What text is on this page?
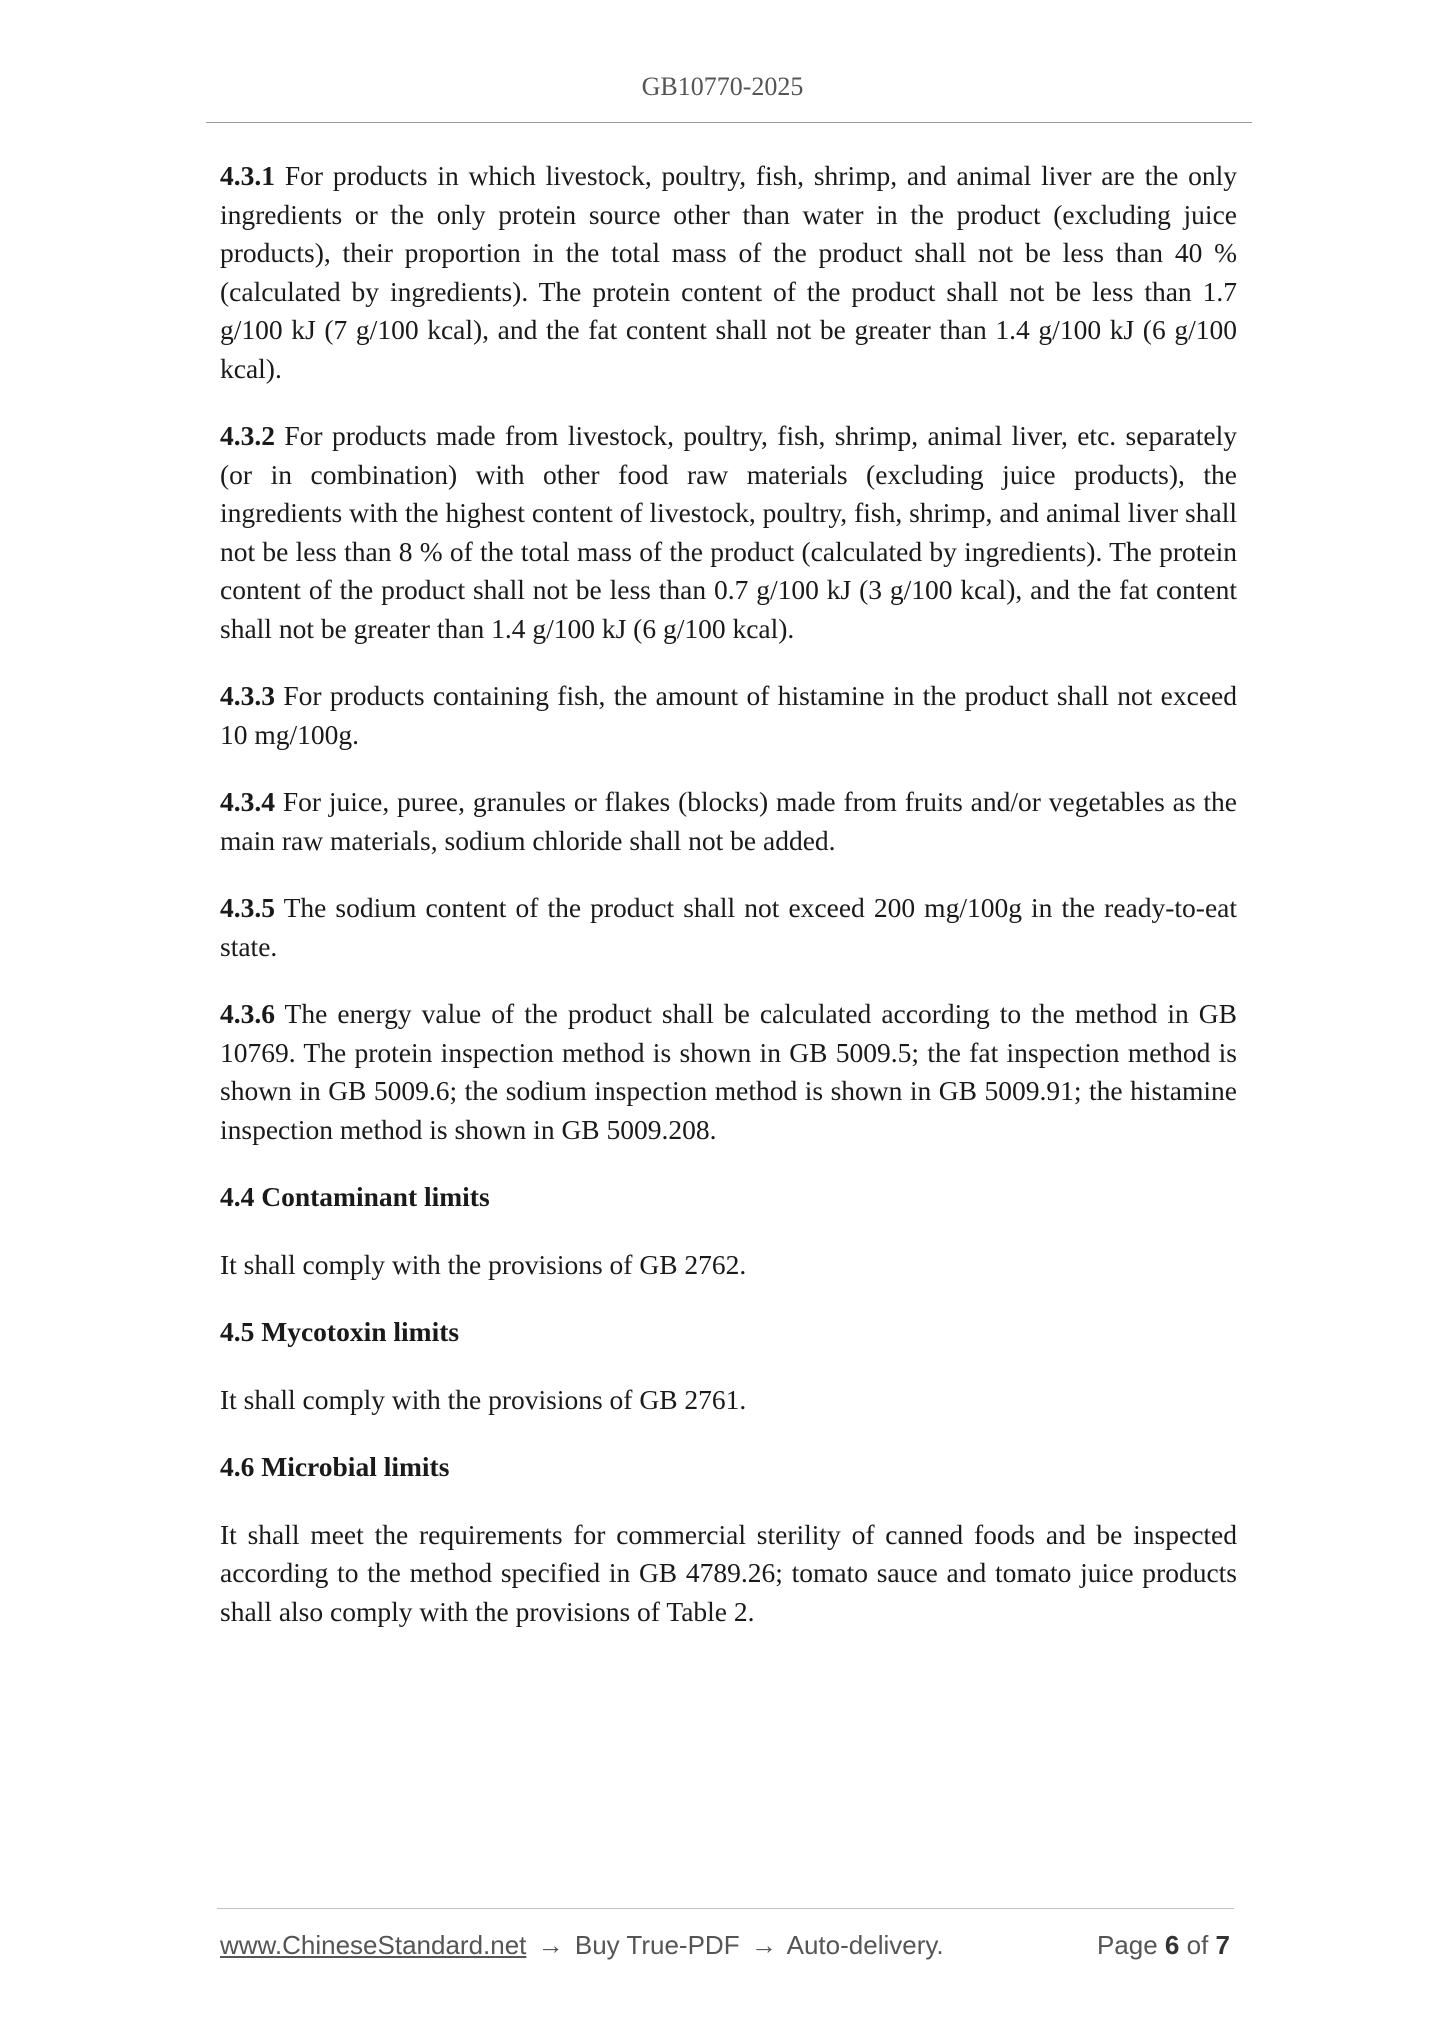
GB10770-2025

4.3.1 For products in which livestock, poultry, fish, shrimp, and animal liver are the only ingredients or the only protein source other than water in the product (excluding juice products), their proportion in the total mass of the product shall not be less than 40 % (calculated by ingredients). The protein content of the product shall not be less than 1.7 g/100 kJ (7 g/100 kcal), and the fat content shall not be greater than 1.4 g/100 kJ (6 g/100 kcal).

4.3.2 For products made from livestock, poultry, fish, shrimp, animal liver, etc. separately (or in combination) with other food raw materials (excluding juice products), the ingredients with the highest content of livestock, poultry, fish, shrimp, and animal liver shall not be less than 8 % of the total mass of the product (calculated by ingredients). The protein content of the product shall not be less than 0.7 g/100 kJ (3 g/100 kcal), and the fat content shall not be greater than 1.4 g/100 kJ (6 g/100 kcal).

4.3.3 For products containing fish, the amount of histamine in the product shall not exceed 10 mg/100g.

4.3.4 For juice, puree, granules or flakes (blocks) made from fruits and/or vegetables as the main raw materials, sodium chloride shall not be added.

4.3.5 The sodium content of the product shall not exceed 200 mg/100g in the ready-to-eat state.

4.3.6 The energy value of the product shall be calculated according to the method in GB 10769. The protein inspection method is shown in GB 5009.5; the fat inspection method is shown in GB 5009.6; the sodium inspection method is shown in GB 5009.91; the histamine inspection method is shown in GB 5009.208.

4.4 Contaminant limits

It shall comply with the provisions of GB 2762.

4.5 Mycotoxin limits

It shall comply with the provisions of GB 2761.

4.6 Microbial limits

It shall meet the requirements for commercial sterility of canned foods and be inspected according to the method specified in GB 4789.26; tomato sauce and tomato juice products shall also comply with the provisions of Table 2.

www.ChineseStandard.net → Buy True-PDF → Auto-delivery.	Page 6 of 7
